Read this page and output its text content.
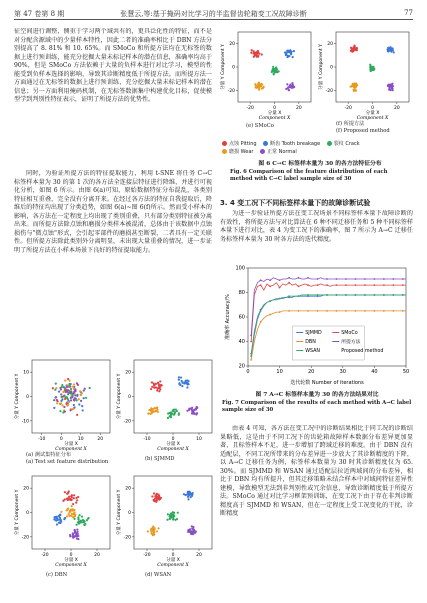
第 47 卷第 8 期	张慧云,等:基于掩码对比学习的半监督齿轮箱变工况故障诊断	77

征空间进行调整，侧重于学习两个域共有的，更具泛化性的特征，而不是对分配含源域中的少量样本特性，因此二者的准确率相比于 DBN 方法分别提高了 8. 81% 和 10. 65%。而 SMoCo 和所提方法均在无标签的数据上进行预训练，能充分挖掘大量未标记样本的潜在信息，准确率均高于 90%，但是 SMoCo 方法依赖于大量的负样本进行对比学习，模型的性能受到负样本选择的影响，导致其诊断精度低于所提方法。而所提方法一方面通过在无标签的数据上进行预训练，充分挖掘大量未标记样本的潜在信息；另一方面利用掩码机制，在无标签数据集中构建优化目标，促使模型学到判别性特征表示，证明了所提方法的优势性。

同时，为验证所提方法的特征提取能力，利用 t-SNE 将任务 C→C 标签样本量为 30 的第 1 次的各方法全连接层特征进行降维，并进行可视化分析，如图 6 所示。由图 6(a)可知，原始数据特征分布混乱，各类别特征相互重叠，完全没有分离开来。在经过各方法的特征自我提取后，降维后的特征均出现了分类趋势，如图 6(a)~图 6(f)所示。然而受小样本的影响，各方法在一定程度上均出现了类别重叠，只有部分类别特征被分离出来。而所提方法除点蚀和磨损分类样本被混淆，总体由于该数据中点蚀损伤与"微点蚀"形式，会引起零部件的磨损甚至断裂，二者具有一定关联性。但所提方法除此类别外分离明显，未出现大量重叠的情况，进一步证明了所提方法在小样本场景下良好的特征提取能力。

-10	0	10	20
10
0
-10
分量 X
Component X
分量 Y Component Y
-10	0	10
20
0
-20
分量 X
Component X
分量 Y Component Y
(a) 测试集特征分布
(a) Test set feature distribution	(b) SJMMD
-20	0	20
20
0
-20
分量 X
Component X
分量 Y Component Y
-20	0	20
20
0
-20
分量 X
Component X
分量 Y Component Y
(c) DBN	(d) WSAN
-20	0	20
20
0
-20
分量 X
Component X
分量 Y Component Y
-20	0	20
20
0
-20
分量 X
Component X
分量 Y Component Y
(e) SMoCo	(f) 所提方法
(f) Proposed method
点蚀 Pitting	断齿 Tooth breakage	裂纹 Crack
磨损 Wear	正常 Normal
图 6 C→C 标签样本量为 30 的各方法特征分布
Fig. 6 Comparison of the feature distribution of each method with C→C label sample size of 30
3. 4 变工况下不同标签样本量下的故障诊断试验

为进一步验证所提方法在变工况场景不同标签样本量下故障诊断的有效性，将所提方法与对比算法在 6 种不同迁移任务和 5 种不同标签样本量下进行对比，表 4 为变工况下的准确率，图 7 所示为 A→C 迁移任务标签样本量为 30 时各方法的迭代精度。

0	10	20	30	40	50
20
40
60
80
100
SJMMD	SMoCo
DBN	所提方法
WSAN	Proposed method
迭代轮数 Number of iterations
准确率 Accuracy/%
图 7 A→C 标签样本量为 30 的各方法结果对比
Fig. 7 Comparison of the results of each method with A→C label sample size of 30

由表 4 可知，各方法在变工况中的诊断结果相比于同工况的诊断结果略低，这是由于不同工况下的齿轮箱故障样本数据分布差异更加显著，且标签样本不足，进一步增加了跨域迁移的难度。由于 DBN 没有适配层，不同工况所带来的分布差异进一步放大了其诊断精度的下降，以 A→C 迁移任务为例，标签样本数量为 30 时其诊断精度仅为 65. 30%。而 SJMMD 和 WSAN 通过适配层拉近两域间的分布差异，相比于 DBN 均有所提升，但其迁移策略未结合样本中对域间特征差异性建模，导致模型无法到非判别性或冗余信息，导致诊断精度低于所提方法。SMoCo 通过对比学习框架预训练，在变工况下由于存在非判诊断精度高于 SJMMD 和 WSAN，但在一定程度上受工况变化的干扰，诊断精度
